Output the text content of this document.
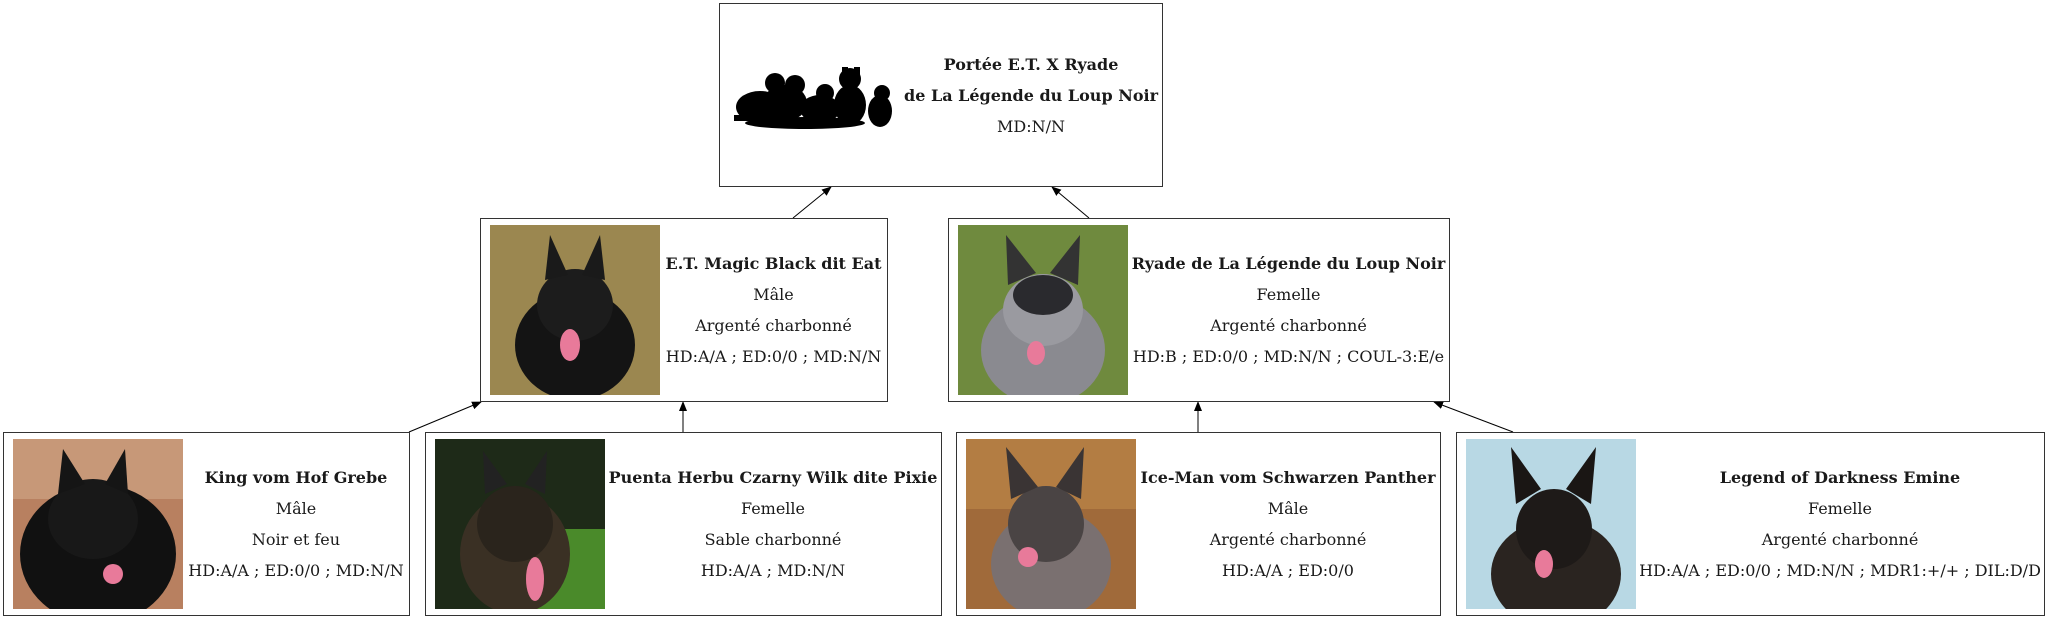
Portée E.T. X Ryade
de La Légende du Loup Noir
MD:N/N
E.T. Magic Black dit Eat
Mâle
Argenté charbonné
HD:A/A ; ED:0/0 ; MD:N/N
Ryade de La Légende du Loup Noir
Femelle
Argenté charbonné
HD:B ; ED:0/0 ; MD:N/N ; COUL-3:E/e
King vom Hof Grebe
Mâle
Noir et feu
HD:A/A ; ED:0/0 ; MD:N/N
Puenta Herbu Czarny Wilk dite Pixie
Femelle
Sable charbonné
HD:A/A ; MD:N/N
Ice-Man vom Schwarzen Panther
Mâle
Argenté charbonné
HD:A/A ; ED:0/0
Legend of Darkness Emine
Femelle
Argenté charbonné
HD:A/A ; ED:0/0 ; MD:N/N ; MDR1:+/+ ; DIL:D/D
